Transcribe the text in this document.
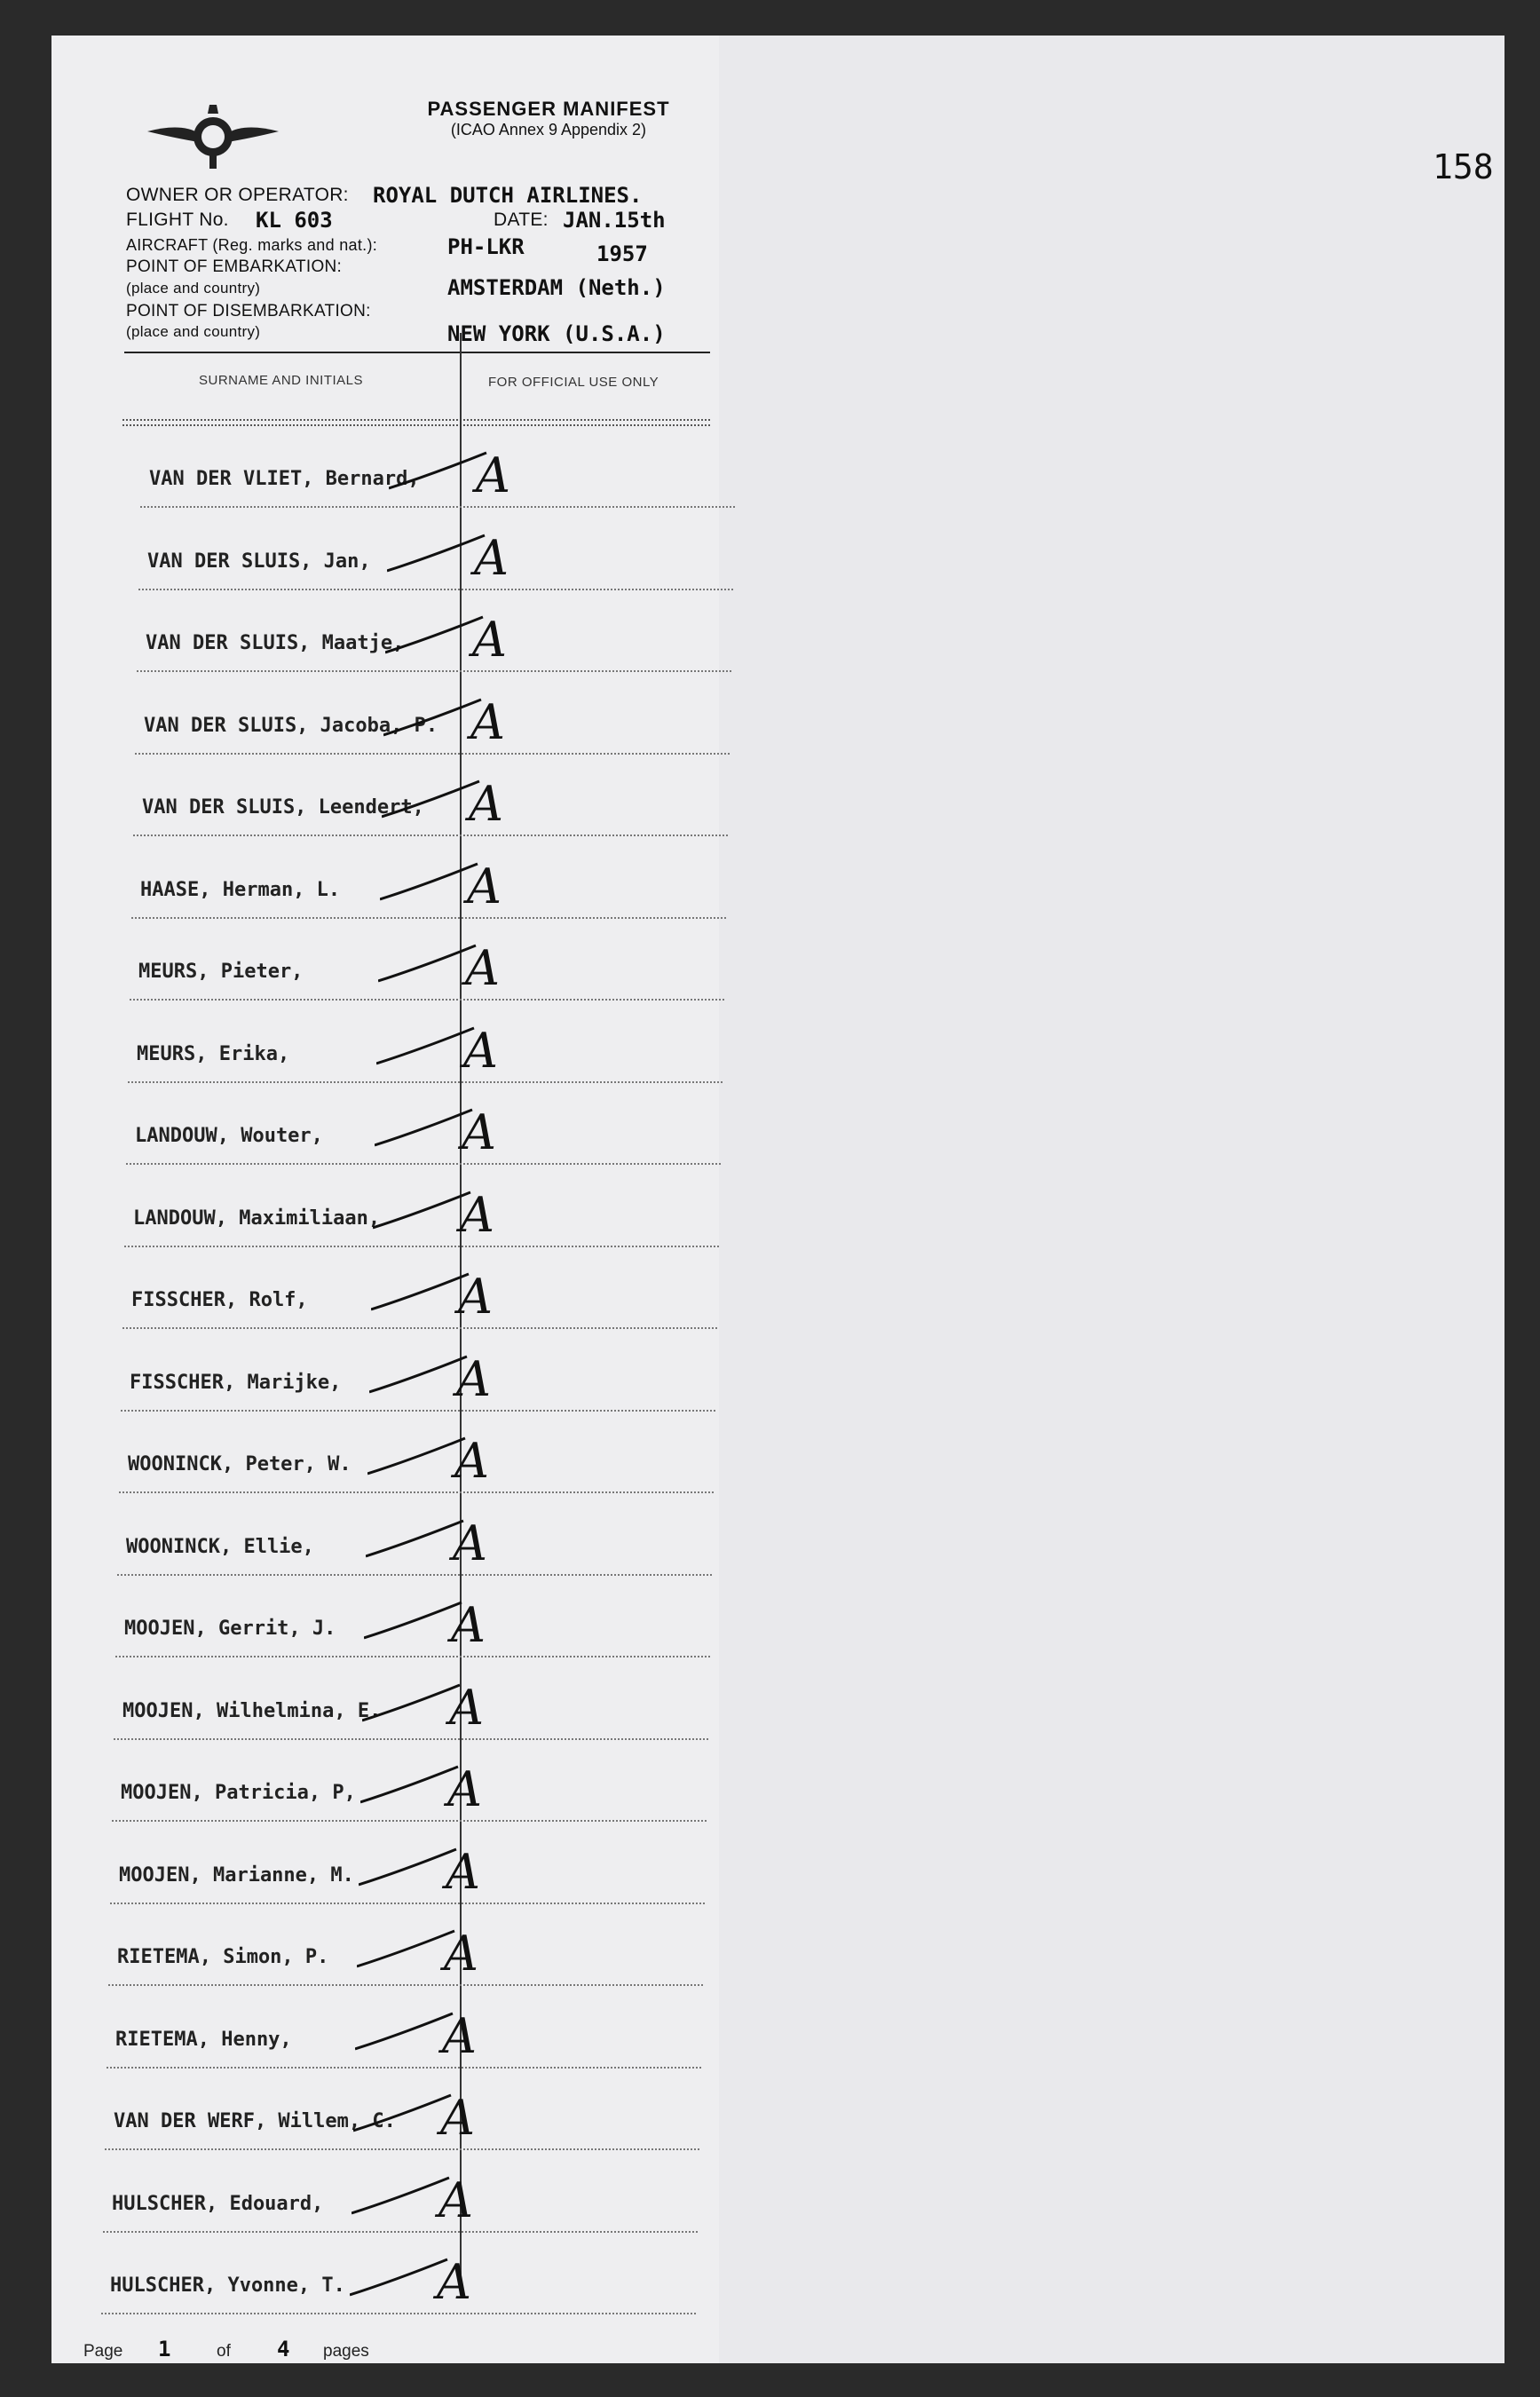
PASSENGER MANIFEST
(ICAO Annex 9 Appendix 2)
OWNER OR OPERATOR: ROYAL DUTCH AIRLINES.
FLIGHT No. KL 603	DATE: JAN.15th
AIRCRAFT (Reg. marks and nat.):	PH-LKR	1957
POINT OF EMBARKATION:
(place and country)	AMSTERDAM (Neth.)
POINT OF DISEMBARKATION:
(place and country)	NEW YORK (U.S.A.)
SURNAME AND INITIALS	FOR OFFICIAL USE ONLY
VAN DER VLIET, Bernard, A
VAN DER SLUIS, Jan, A
VAN DER SLUIS, Maatje, A
VAN DER SLUIS, Jacoba, P. A
VAN DER SLUIS, Leendert, A
HAASE, Herman, L.	A
MEURS, Pieter,	A
MEURS, Erika,	A
LANDOUW, Wouter,	A
LANDOUW, Maximiliaan, A
FISSCHER, Rolf,	A
FISSCHER, Marijke, A
WOONINCK, Peter, W. A
WOONINCK, Ellie,	A
MOOJEN, Gerrit, J. A
MOOJEN, Wilhelmina, E. A
MOOJEN, Patricia, P, A
MOOJEN, Marianne, M. A
RIETEMA, Simon, P. A
RIETEMA, Henny,	A
VAN DER WERF, Willem, C. A
HULSCHER, Edouard, A
HULSCHER, Yvonne, T. A
Page 1	of 4 pages
158
